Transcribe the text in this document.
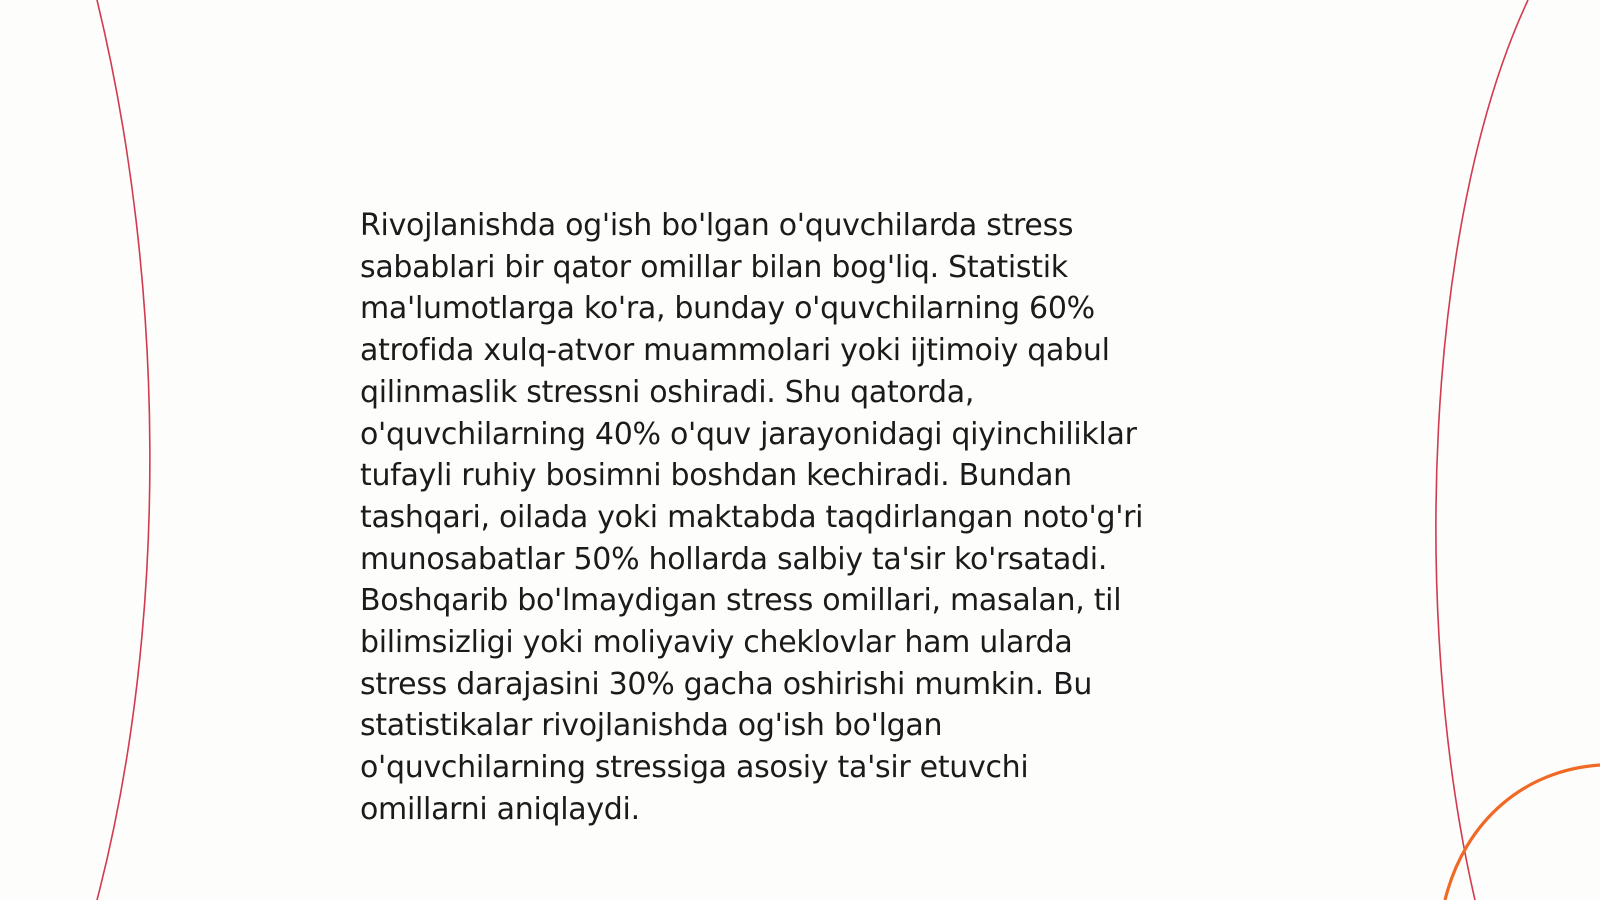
Rivojlanishda og'ish bo'lgan o'quvchilarda stress
sabablari bir qator omillar bilan bog'liq. Statistik
ma'lumotlarga ko'ra, bunday o'quvchilarning 60%
atrofida xulq-atvor muammolari yoki ijtimoiy qabul
qilinmaslik stressni oshiradi. Shu qatorda,
o'quvchilarning 40% o'quv jarayonidagi qiyinchiliklar
tufayli ruhiy bosimni boshdan kechiradi. Bundan
tashqari, oilada yoki maktabda taqdirlangan noto'g'ri
munosabatlar 50% hollarda salbiy ta'sir ko'rsatadi.
Boshqarib bo'lmaydigan stress omillari, masalan, til
bilimsizligi yoki moliyaviy cheklovlar ham ularda
stress darajasini 30% gacha oshirishi mumkin. Bu
statistikalar rivojlanishda og'ish bo'lgan
o'quvchilarning stressiga asosiy ta'sir etuvchi
omillarni aniqlaydi.
